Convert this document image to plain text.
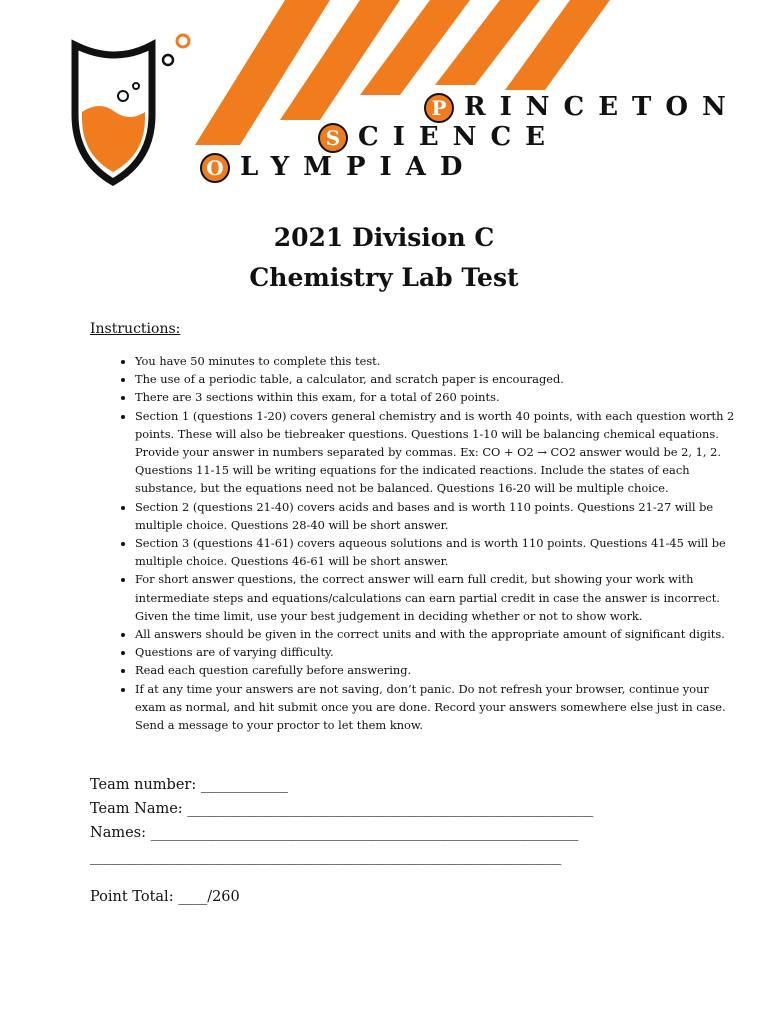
P RINCETON
S CIENCE
O LYMPIAD
2021 Division C
Chemistry Lab Test
Instructions:
• You have 50 minutes to complete this test.
• The use of a periodic table, a calculator, and scratch paper is encouraged.
• There are 3 sections within this exam, for a total of 260 points.
• Section 1 (questions 1-20) covers general chemistry and is worth 40 points, with each question worth 2 points. These will also be tiebreaker questions. Questions 1-10 will be balancing chemical equations. Provide your answer in numbers separated by commas. Ex: CO + O2 → CO2 answer would be 2, 1, 2. Questions 11-15 will be writing equations for the indicated reactions. Include the states of each substance, but the equations need not be balanced. Questions 16-20 will be multiple choice.
• Section 2 (questions 21-40) covers acids and bases and is worth 110 points. Questions 21-27 will be multiple choice. Questions 28-40 will be short answer.
• Section 3 (questions 41-61) covers aqueous solutions and is worth 110 points. Questions 41-45 will be multiple choice. Questions 46-61 will be short answer.
• For short answer questions, the correct answer will earn full credit, but showing your work with intermediate steps and equations/calculations can earn partial credit in case the answer is incorrect. Given the time limit, use your best judgement in deciding whether or not to show work.
• All answers should be given in the correct units and with the appropriate amount of significant digits.
• Questions are of varying difficulty.
• Read each question carefully before answering.
• If at any time your answers are not saving, don’t panic. Do not refresh your browser, continue your exam as normal, and hit submit once you are done. Record your answers somewhere else just in case. Send a message to your proctor to let them know.
Team number: ____________
Team Name: ________________________________________________________
Names: ___________________________________________________________
_________________________________________________________________
Point Total: ____/260
